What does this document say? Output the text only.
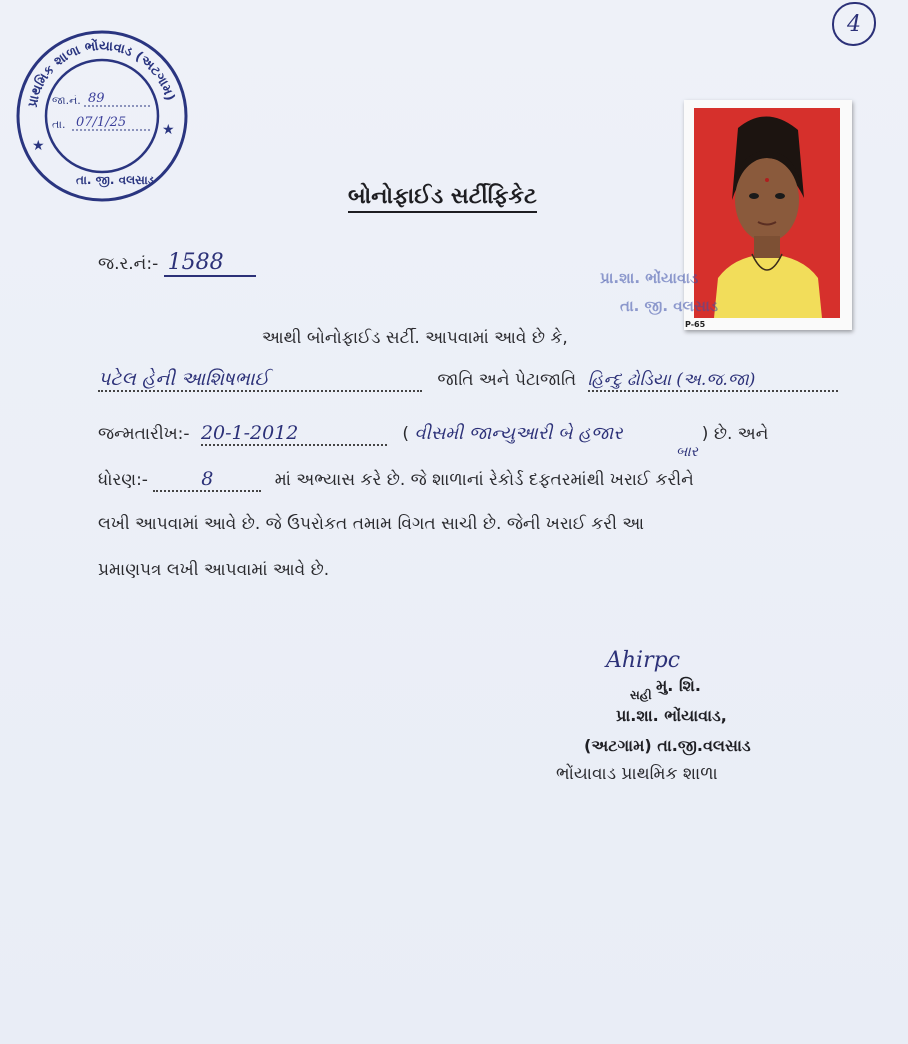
4
પ્રાથમિક શાળા ભોંયાવાડ (અટગામ)
★
★
જા.નં. 89
તા. 07/1/25
તા. જી. વલસાડ
P-65
પ્રા.શા. ભોંયાવાડ
તા. જી. વલસાડ
બોનોફાઈડ સર્ટીફિકેટ
જ.ર.નં:- 1588
આથી બોનોફાઈડ સર્ટી. આપવામાં આવે છે કે,
પટેલ હેની આશિષભાઈ	જાતિ અને પેટાજાતિ હિન્દુ ઢોડિયા (અ.જ.જા)
જન્મતારીખ:- 20-1-2012	( વીસમી જાન્યુઆરી બે હજાર	) છે. અને
બાર
ધોરણ:-	8	માં અભ્યાસ કરે છે. જે શાળાનાં રેકોર્ડ દફતરમાંથી ખરાઈ કરીને
લખી આપવામાં આવે છે. જે ઉપરોકત તમામ વિગત સાચી છે. જેની ખરાઈ કરી આ
પ્રમાણપત્ર લખી આપવામાં આવે છે.
Ahirpc
સહી મુ. શિ.
પ્રા.શા. ભોંયાવાડ,
(અટગામ) તા.જી.વલસાડ
ભોંયાવાડ પ્રાથમિક શાળા
